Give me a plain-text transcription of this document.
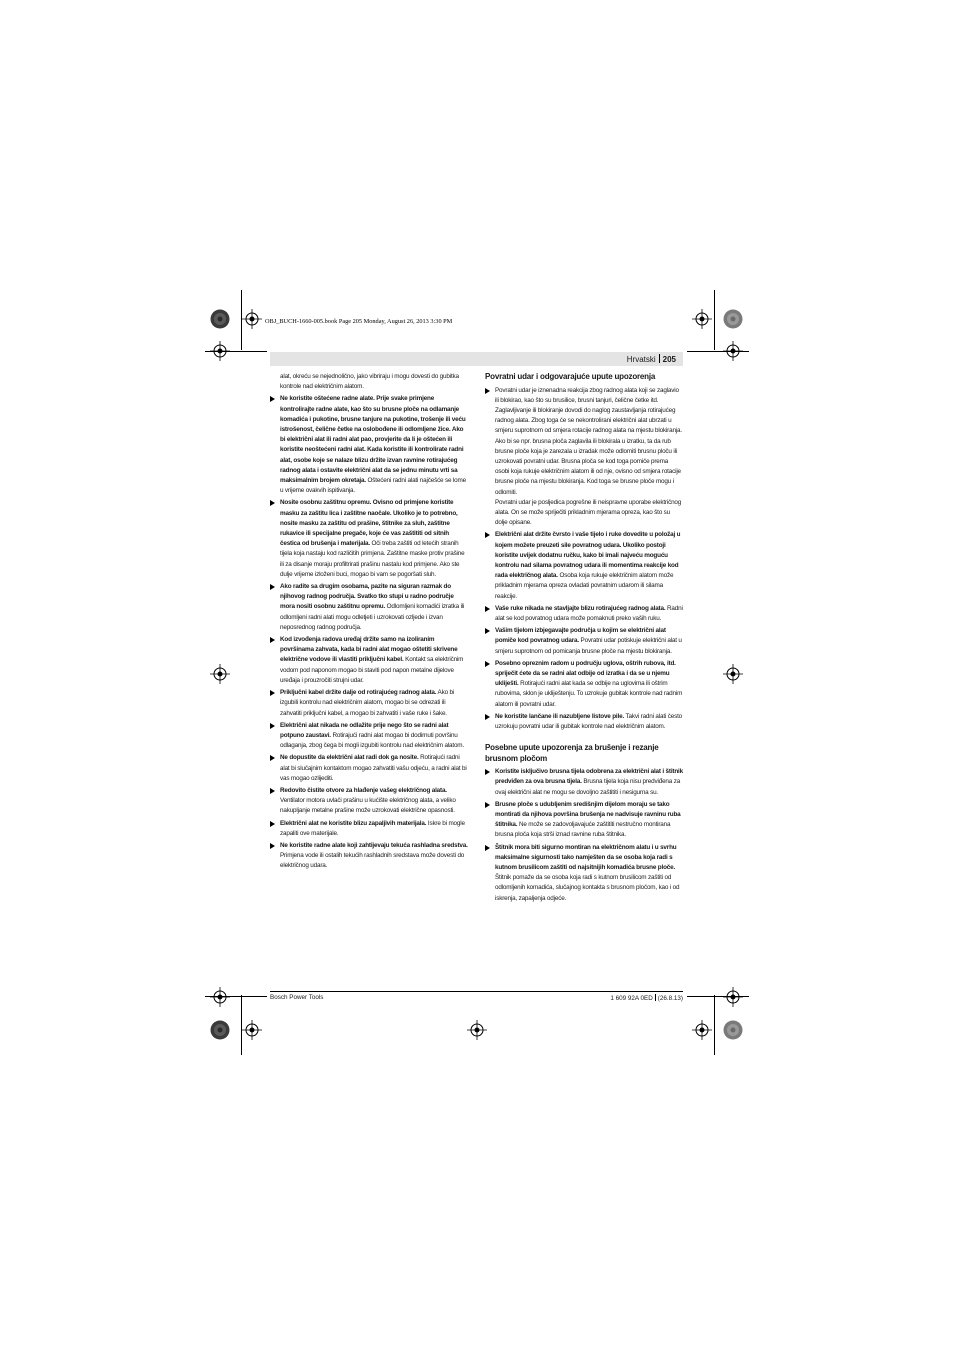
OBJ_BUCH-1660-005.book Page 205 Monday, August 26, 2013 3:30 PM
Hrvatski 205
alat, okreću se nejednolično, jako vibriraju i mogu dovesti do gubitka kontrole nad električnim alatom.
Ne koristite oštećene radne alate. Prije svake primjene kontrolirajte radne alate, kao što su brusne ploče na odlamanje komadića i pukotine, brusne tanjure na pukotine, trošenje ili veću istrošenost, čelične četke na oslobođene ili odlomljene žice. Ako bi električni alat ili radni alat pao, provjerite da li je oštećen ili koristite neoštećeni radni alat. Kada koristite ili kontrolirate radni alat, osobe koje se nalaze blizu držite izvan ravnine rotirajućeg radnog alata i ostavite električni alat da se jednu minutu vrti sa maksimalnim brojem okretaja. Oštećeni radni alati najčešće se lome u vrijeme ovakvih ispitivanja.
Nosite osobnu zaštitnu opremu. Ovisno od primjene koristite masku za zaštitu lica i zaštitne naočale. Ukoliko je to potrebno, nosite masku za zaštitu od prašine, štitnike za sluh, zaštitne rukavice ili specijalne pregače, koje će vas zaštititi od sitnih čestica od brušenja i materijala. Oči treba zaštiti od letećih stranih tijela koja nastaju kod različitih primjena. Zaštitne maske protiv prašine ili za disanje moraju profiltrirati prašinu nastalu kod primjene. Ako ste dulje vrijeme izloženi buci, mogao bi vam se pogoršati sluh.
Ako radite sa drugim osobama, pazite na siguran razmak do njihovog radnog područja. Svatko tko stupi u radno područje mora nositi osobnu zaštitnu opremu. Odlomljeni komadići izratka ili odlomljeni radni alati mogu odletjeti i uzrokovati ozljede i izvan neposrednog radnog područja.
Kod izvođenja radova uređaj držite samo na izoliranim površinama zahvata, kada bi radni alat mogao oštetiti skrivene električne vodove ili vlastiti priključni kabel. Kontakt sa električnim vodom pod naponom mogao bi staviti pod napon metalne dijelove uređaja i prouzročiti strujni udar.
Priključni kabel držite dalje od rotirajućeg radnog alata. Ako bi izgubili kontrolu nad električnim alatom, mogao bi se odrezati ili zahvatiti priključni kabel, a mogao bi zahvatiti i vaše ruke i šake.
Električni alat nikada ne odlažite prije nego što se radni alat potpuno zaustavi. Rotirajući radni alat mogao bi dodirnuti površinu odlaganja, zbog čega bi mogli izgubiti kontrolu nad električnim alatom.
Ne dopustite da električni alat radi dok ga nosite. Rotirajući radni alat bi slučajnim kontaktom mogao zahvatiti vašu odjeću, a radni alat bi vas mogao ozlijediti.
Redovito čistite otvore za hlađenje vašeg električnog alata. Ventilator motora uvlači prašinu u kućište električnog alata, a veliko nakupljanje metalne prašine može uzrokovati električne opasnosti.
Električni alat ne koristite blizu zapaljivih materijala. Iskre bi mogle zapaliti ove materijale.
Ne koristite radne alate koji zahtijevaju tekuća rashladna sredstva. Primjena vode ili ostalih tekućih rashladnih sredstava može dovesti do električnog udara.
Povratni udar i odgovarajuće upute upozorenja
Povratni udar je iznenadna reakcija zbog radnog alata koji se zaglavio ili blokirao, kao što su brusilice, brusni tanjuri, čelične četke itd. Zaglavljivanje ili blokiranje dovodi do naglog zaustavljanja rotirajućeg radnog alata. Zbog toga će se nekontrolirani električni alat ubrzati u smjeru suprotnom od smjera rotacije radnog alata na mjestu blokiranja.
Ako bi se npr. brusna ploča zaglavila ili blokirala u izratku, ta da rub brusne ploče koja je zarezala u izradak može odlomiti brusnu ploču ili uzrokovati povratni udar. Brusna ploča se kod toga pomiče prema osobi koja rukuje električnim alatom ili od nje, ovisno od smjera rotacije brusne ploče na mjestu blokiranja. Kod toga se brusne ploče mogu i odlomiti.
Povratni udar je posljedica pogrešne ili neispravne uporabe električnog alata. On se može spriječiti prikladnim mjerama opreza, kao što su dolje opisane.
Električni alat držite čvrsto i vaše tijelo i ruke dovedite u položaj u kojem možete preuzeti sile povratnog udara. Ukoliko postoji koristite uvijek dodatnu ručku, kako bi imali najveću moguću kontrolu nad silama povratnog udara ili momentima reakcije kod rada električnog alata. Osoba koja rukuje električnim alatom može prikladnim mjerama opreza ovladati povratnim udarom ili silama reakcije.
Vaše ruke nikada ne stavljajte blizu rotirajućeg radnog alata. Radni alat se kod povratnog udara može pomaknuti preko vaših ruku.
Vašim tijelom izbjegavajte područja u kojim se električni alat pomiče kod povratnog udara. Povratni udar potiskuje električni alat u smjeru suprotnom od pomicanja brusne ploče na mjestu blokiranja.
Posebno opreznim radom u području uglova, oštrih rubova, itd. spriječit ćete da se radni alat odbije od izratka i da se u njemu ukliješti. Rotirajući radni alat kada se odbije na uglovima ili oštrim rubovima, sklon je ukliještenju. To uzrokuje gubitak kontrole nad radnim alatom ili povratni udar.
Ne koristite lančane ili nazubljene listove pile. Takvi radni alati često uzrokuju povratni udar ili gubitak kontrole nad električnim alatom.
Posebne upute upozorenja za brušenje i rezanje brusnom pločom
Koristite isključivo brusna tijela odobrena za električni alat i štitnik predviđen za ova brusna tijela. Brusna tijela koja nisu predviđena za ovaj električni alat ne mogu se dovoljno zaštititi i nesigurna su.
Brusne ploče s udubljenim središnjim dijelom moraju se tako montirati da njihova površina brušenja ne nadvisuje ravninu ruba štitnika. Ne može se zadovoljavajuće zaštititi nestručno montirana brusna ploča koja strši iznad ravnine ruba štitnika.
Štitnik mora biti sigurno montiran na električnom alatu i u svrhu maksimalne sigurnosti tako namješten da se osoba koja radi s kutnom brusilicom zaštiti od najsitnijih komadića brusne ploče. Štitnik pomaže da se osoba koja radi s kutnom brusilicom zaštiti od odlomljenih komadića, slučajnog kontakta s brusnom pločom, kao i od iskrenja, zapaljenja odjeće.
Bosch Power Tools	1 609 92A 0ED (26.8.13)
